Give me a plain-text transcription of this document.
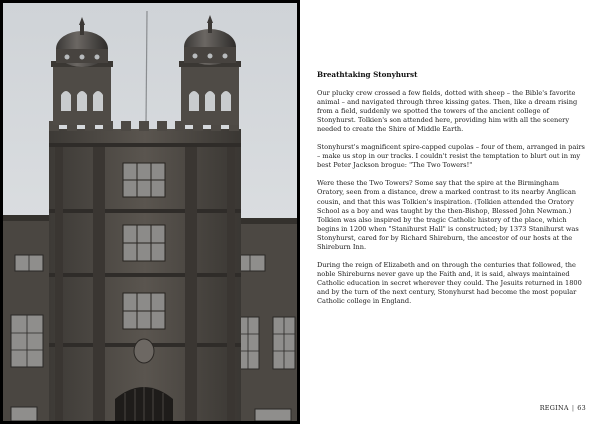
Breathtaking Stonyhurst

Our plucky crew crossed a few fields, dotted with sheep – the Bible's favorite animal – and navigated through three kissing gates. Then, like a dream rising from a field, suddenly we spotted the towers of the ancient college of Stonyhurst. Tolkien's son attended here, providing him with all the scenery needed to create the Shire of Middle Earth.

Stonyhurst's magnificent spire-capped cupolas – four of them, arranged in pairs – make us stop in our tracks. I couldn't resist the temptation to blurt out in my best Peter Jackson brogue: "The Two Towers!"

Were these the Two Towers? Some say that the spire at the Birmingham Oratory, seen from a distance, drew a marked contrast to its nearby Anglican cousin, and that this was Tolkien's inspiration. (Tolkien attended the Oratory School as a boy and was taught by the then-Bishop, Blessed John Newman.) Tolkien was also inspired by the tragic Catholic history of the place, which begins in 1200 when "Stanihurst Hall" is constructed; by 1373 Stanihurst was Stonyhurst, cared for by Richard Shireburn, the ancestor of our hosts at the Shireburn Inn.

During the reign of Elizabeth and on through the centuries that followed, the noble Shireburns never gave up the Faith and, it is said, always maintained Catholic education in secret wherever they could. The Jesuits returned in 1800 and by the turn of the next century, Stonyhurst had become the most popular Catholic college in England.

REGINA | 63
